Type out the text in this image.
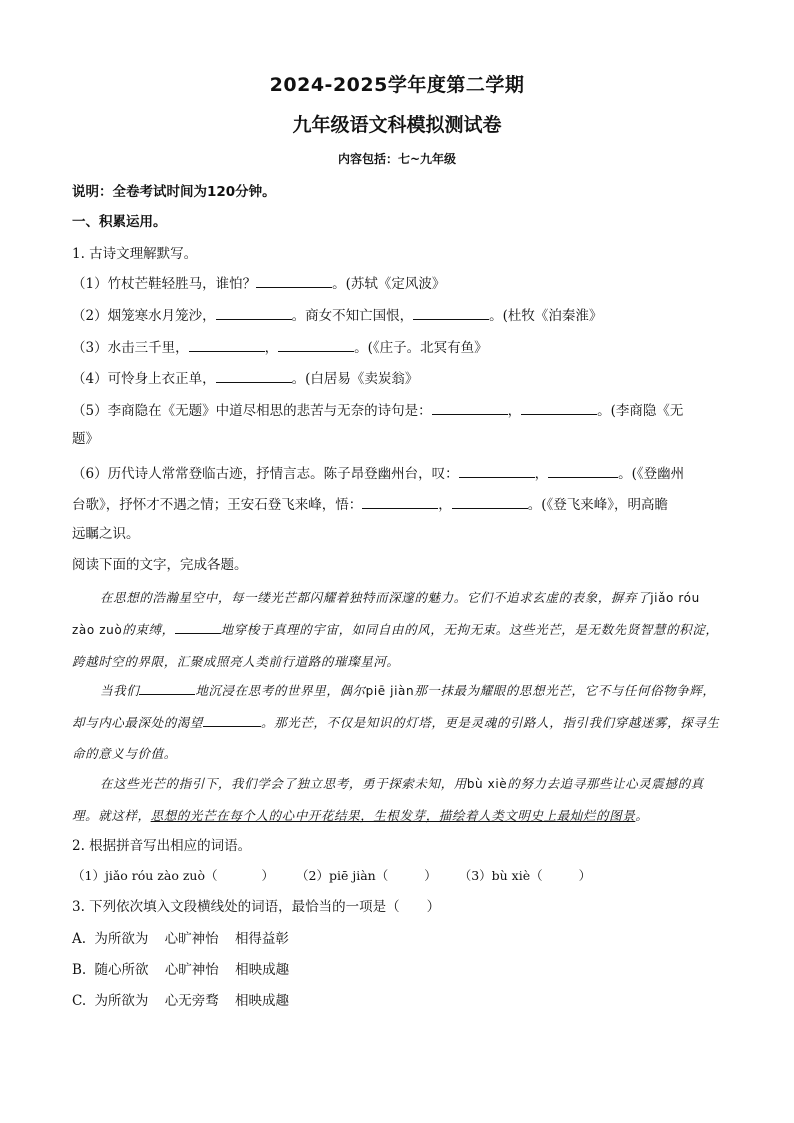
2024-2025学年度第二学期
九年级语文科模拟测试卷
内容包括：七~九年级
说明：全卷考试时间为120分钟。
一、积累运用。
1. 古诗文理解默写。
（1）竹杖芒鞋轻胜马，谁怕？	。(苏轼《定风波》
（2）烟笼寒水月笼沙，	。商女不知亡国恨，	。(杜牧《泊秦淮》
（3）水击三千里，	，	。(《庄子。北冥有鱼》
（4）可怜身上衣正单，	。(白居易《卖炭翁》
（5）李商隐在《无题》中道尽相思的悲苦与无奈的诗句是：	，	。(李商隐《无
题》
（6）历代诗人常常登临古迹，抒情言志。陈子昂登幽州台，叹：	，	。(《登幽州
台歌》，抒怀才不遇之情；王安石登飞来峰，悟：	，	。(《登飞来峰》，明高瞻
远瞩之识。
阅读下面的文字，完成各题。
在思想的浩瀚星空中，每一缕光芒都闪耀着独特而深邃的魅力。它们不追求玄虚的表象，摒弃了jiǎo róu zào zuò的束缚，	地穿梭于真理的宇宙，如同自由的风，无拘无束。这些光芒，是无数先贤智慧的积淀，跨越时空的界限，汇聚成照亮人类前行道路的璀璨星河。
当我们	地沉浸在思考的世界里，偶尔piē jiàn那一抹最为耀眼的思想光芒，它不与任何俗物争辉，却与内心最深处的渴望	。那光芒，不仅是知识的灯塔，更是灵魂的引路人，指引我们穿越迷雾，探寻生命的意义与价值。
在这些光芒的指引下，我们学会了独立思考，勇于探索未知，用bù xiè的努力去追寻那些让心灵震撼的真理。就这样，思想的光芒在每个人的心中开花结果，生根发芽，描绘着人类文明史上最灿烂的图景。
2. 根据拼音写出相应的词语。
（1）jiǎo róu zào zuò（	） （2）piē jiàn（	） （3）bù xiè（	）
3. 下列依次填入文段横线处的词语，最恰当的一项是（　　）
A. 为所欲为 心旷神怡 相得益彰
B. 随心所欲 心旷神怡 相映成趣
C. 为所欲为 心无旁骛 相映成趣
